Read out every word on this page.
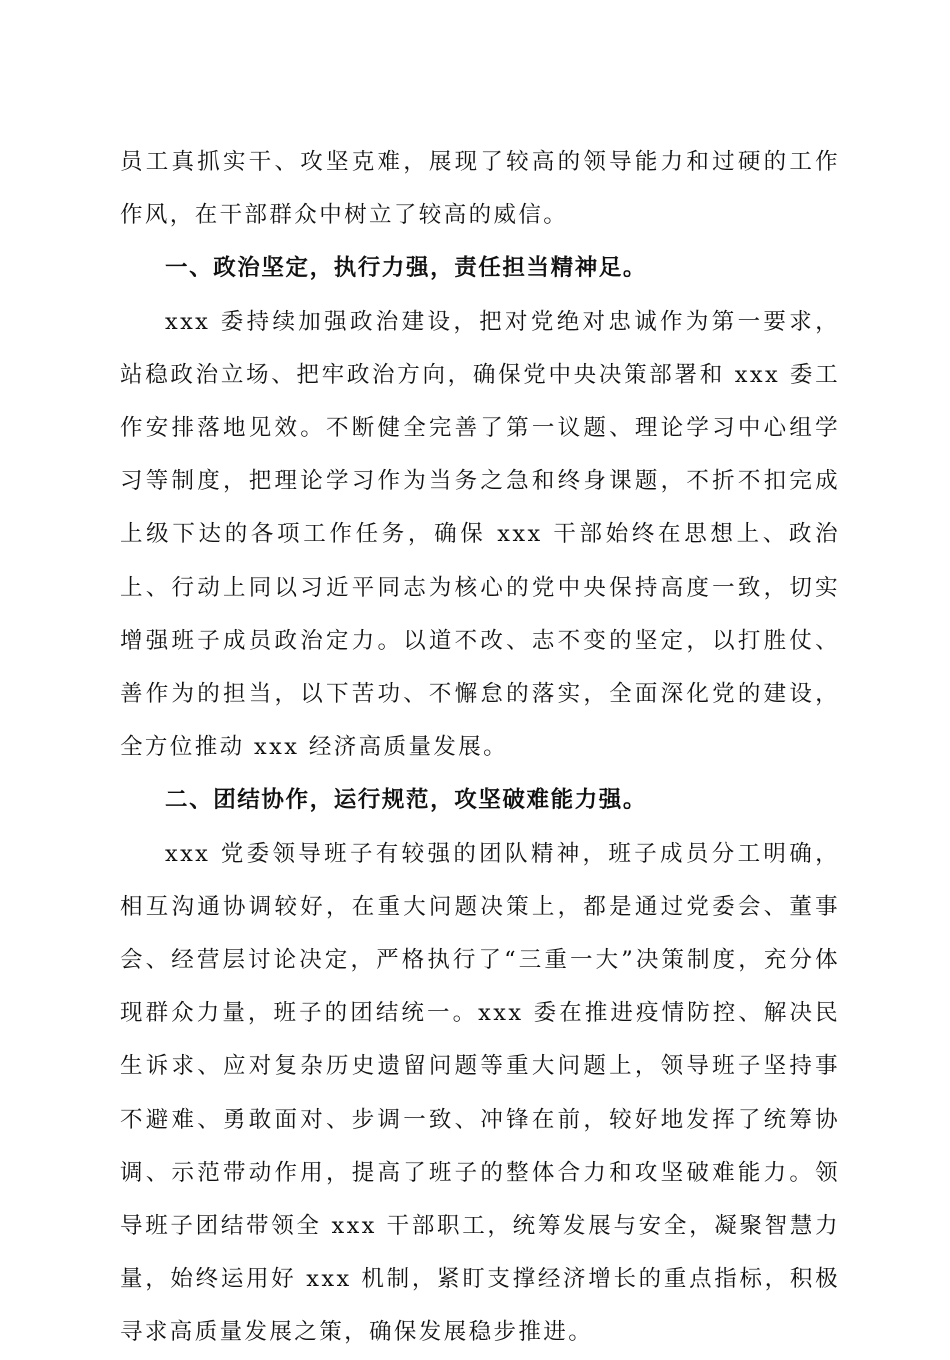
员工真抓实干、攻坚克难，展现了较高的领导能力和过硬的工作作风，在干部群众中树立了较高的威信。

一、政治坚定，执行力强，责任担当精神足。

xxx 委持续加强政治建设，把对党绝对忠诚作为第一要求，站稳政治立场、把牢政治方向，确保党中央决策部署和 xxx 委工作安排落地见效。不断健全完善了第一议题、理论学习中心组学习等制度，把理论学习作为当务之急和终身课题，不折不扣完成上级下达的各项工作任务，确保 xxx 干部始终在思想上、政治上、行动上同以习近平同志为核心的党中央保持高度一致，切实增强班子成员政治定力。以道不改、志不变的坚定，以打胜仗、善作为的担当，以下苦功、不懈怠的落实，全面深化党的建设，全方位推动 xxx 经济高质量发展。

二、团结协作，运行规范，攻坚破难能力强。

xxx 党委领导班子有较强的团队精神，班子成员分工明确，相互沟通协调较好，在重大问题决策上，都是通过党委会、董事会、经营层讨论决定，严格执行了“三重一大”决策制度，充分体现群众力量，班子的团结统一。xxx 委在推进疫情防控、解决民生诉求、应对复杂历史遗留问题等重大问题上，领导班子坚持事不避难、勇敢面对、步调一致、冲锋在前，较好地发挥了统筹协调、示范带动作用，提高了班子的整体合力和攻坚破难能力。领导班子团结带领全 xxx 干部职工，统筹发展与安全，凝聚智慧力量，始终运用好 xxx 机制，紧盯支撑经济增长的重点指标，积极寻求高质量发展之策，确保发展稳步推进。
